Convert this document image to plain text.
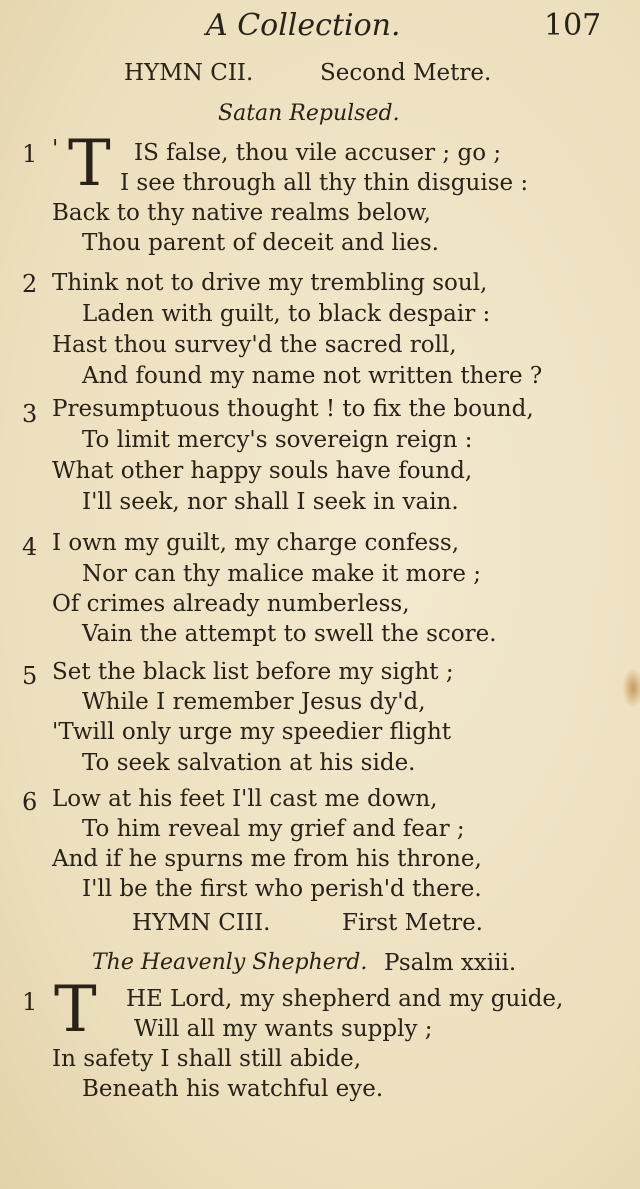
A Collection.	107
HYMN CII.	Second Metre.
Satan Repulsed.
1 ' T IS false, thou vile accuser ; go ;
I see through all thy thin disguise :
Back to thy native realms below,
Thou parent of deceit and lies.
2 Think not to drive my trembling soul,
Laden with guilt, to black despair :
Hast thou survey'd the sacred roll,
And found my name not written there ?
3 Presumptuous thought ! to fix the bound,
To limit mercy's sovereign reign :
What other happy souls have found,
I'll seek, nor shall I seek in vain.
4 I own my guilt, my charge confess,
Nor can thy malice make it more ;
Of crimes already numberless,
Vain the attempt to swell the score.
5 Set the black list before my sight ;
While I remember Jesus dy'd,
'Twill only urge my speedier flight
To seek salvation at his side.
6 Low at his feet I'll cast me down,
To him reveal my grief and fear ;
And if he spurns me from his throne,
I'll be the first who perish'd there.
HYMN CIII.	First Metre.
The Heavenly Shepherd. Psalm xxiii.
1 T HE Lord, my shepherd and my guide,
Will all my wants supply ;
In safety I shall still abide,
Beneath his watchful eye.
